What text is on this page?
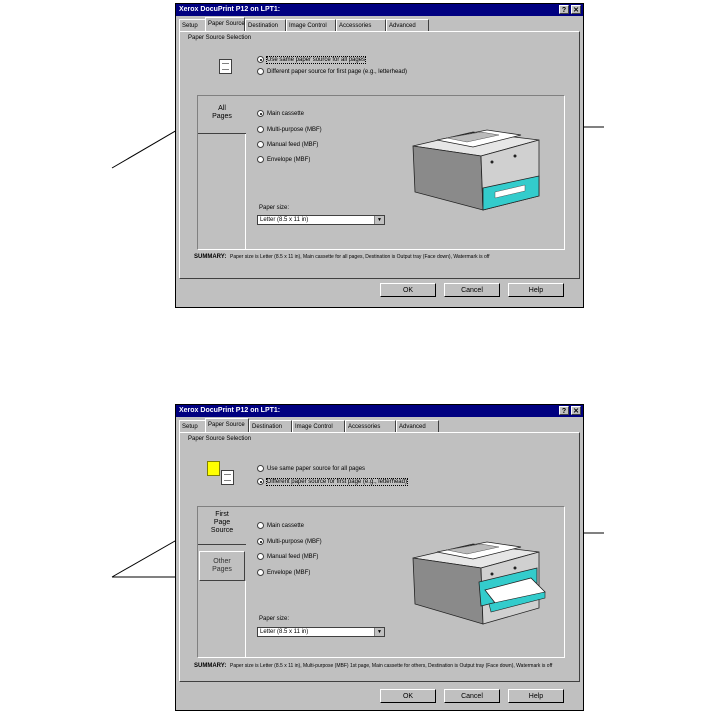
Xerox DocuPrint P12 on LPT1:	? ✕
Setup	Paper Source Destination	Image Control	Accessories	Advanced
Paper Source Selection
Use same paper source for all pages
Different paper source for first page (e.g., letterhead)
All Pages	Main cassette
Multi-purpose (MBF)
Manual feed (MBF)
Envelope (MBF)
Paper size:
Letter (8.5 x 11 in)	▼
SUMMARY: Paper size is Letter (8.5 x 11 in), Main cassette for all pages, Destination is Output tray (Face down), Watermark is off
OK	Cancel	Help
Xerox DocuPrint P12 on LPT1:	? ✕
Setup	Paper Source	Destination	Image Control	Accessories	Advanced
Paper Source Selection
Use same paper source for all pages
Different paper source for first page (e.g., letterhead)
First Page Source
Other Pages
Main cassette
Multi-purpose (MBF)
Manual feed (MBF)
Envelope (MBF)
Paper size:
Letter (8.5 x 11 in)	▼
SUMMARY: Paper size is Letter (8.5 x 11 in), Multi-purpose (MBF) 1st page, Main cassette for others, Destination is Output tray (Face down), Watermark is off
OK	Cancel	Help
